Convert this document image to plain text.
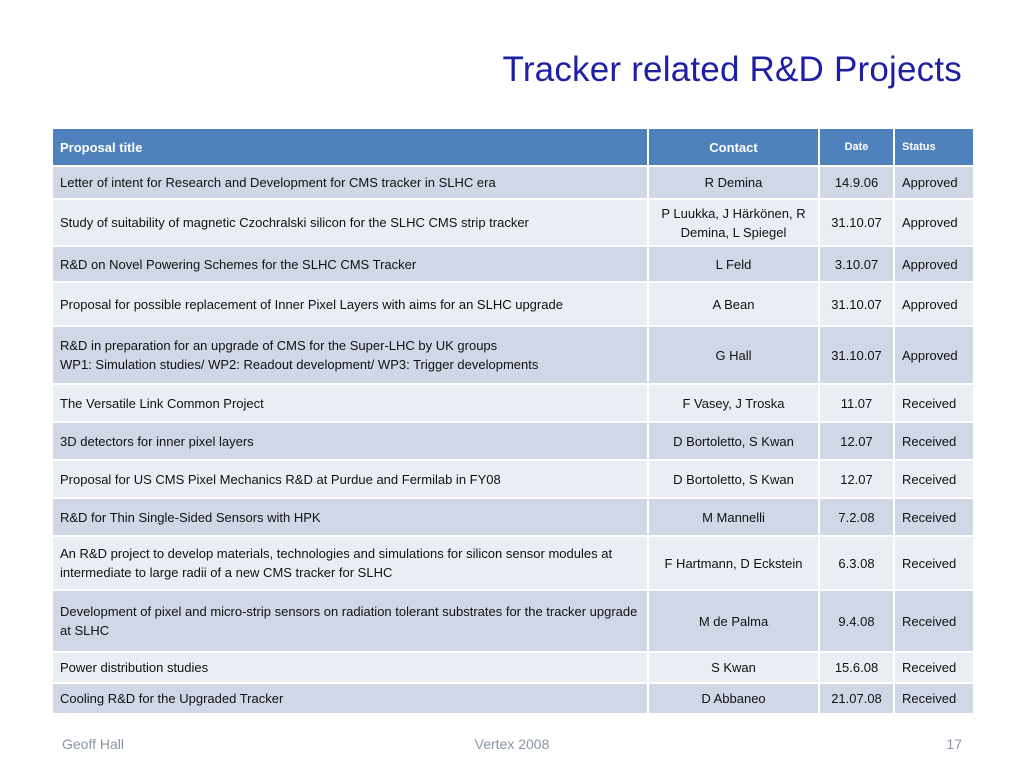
Tracker related R&D Projects
Proposal title	Contact	Date	Status

Letter of intent for Research and Development for CMS tracker in SLHC era	R Demina	14.9.06	Approved

Study of suitability of magnetic Czochralski silicon for the SLHC CMS strip tracker	P Luukka, J Härkönen, R Demina, L Spiegel	31.10.07	Approved

R&D on Novel Powering Schemes for the SLHC CMS Tracker	L Feld	3.10.07	Approved

Proposal for possible replacement of Inner Pixel Layers with aims for an SLHC upgrade	A Bean	31.10.07	Approved

R&D in preparation for an upgrade of CMS for the Super-LHC by UK groups
WP1: Simulation studies/ WP2: Readout development/ WP3: Trigger developments	G Hall	31.10.07	Approved

The Versatile Link Common Project	F Vasey, J Troska	11.07	Received

3D detectors for inner pixel layers	D Bortoletto, S Kwan	12.07	Received

Proposal for US CMS Pixel Mechanics R&D at Purdue and Fermilab in FY08	D Bortoletto, S Kwan	12.07	Received

R&D for Thin Single-Sided Sensors with HPK	M Mannelli	7.2.08	Received

An R&D project to develop materials, technologies and simulations for silicon sensor modules at intermediate to large radii of a new CMS tracker for SLHC	F Hartmann, D Eckstein	6.3.08	Received

Development of pixel and micro-strip sensors on radiation tolerant substrates for the tracker upgrade at SLHC	M de Palma	9.4.08	Received

Power distribution studies	S Kwan	15.6.08	Received

Cooling R&D for the Upgraded Tracker	D Abbaneo	21.07.08	Received
Geoff Hall	Vertex 2008	17
